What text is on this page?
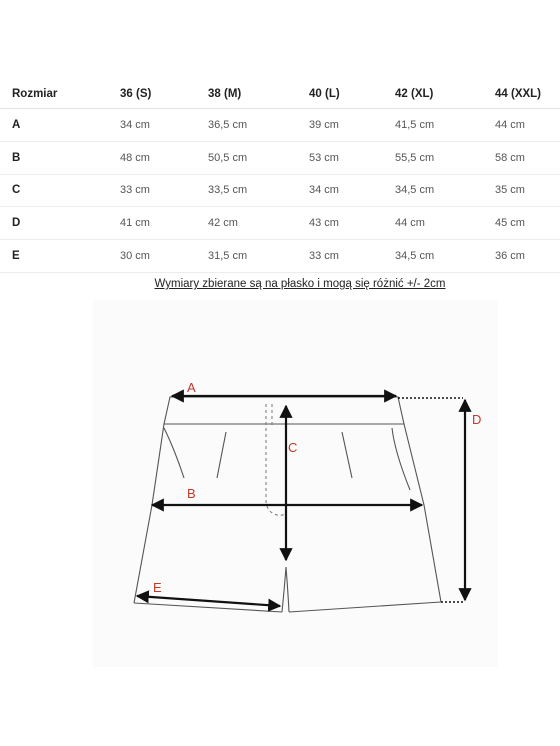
Rozmiar	36 (S)	38 (M)	40 (L)	42 (XL)	44 (XXL)
A	34 cm	36,5 cm	39 cm	41,5 cm	44 cm
B	48 cm	50,5 cm	53 cm	55,5 cm	58 cm
C	33 cm	33,5 cm	34 cm	34,5 cm	35 cm
D	41 cm	42 cm	43 cm	44 cm	45 cm
E	30 cm	31,5 cm	33 cm	34,5 cm	36 cm
Wymiary zbierane są na płasko i mogą się różnić +/- 2cm
A
B
C
D
E
